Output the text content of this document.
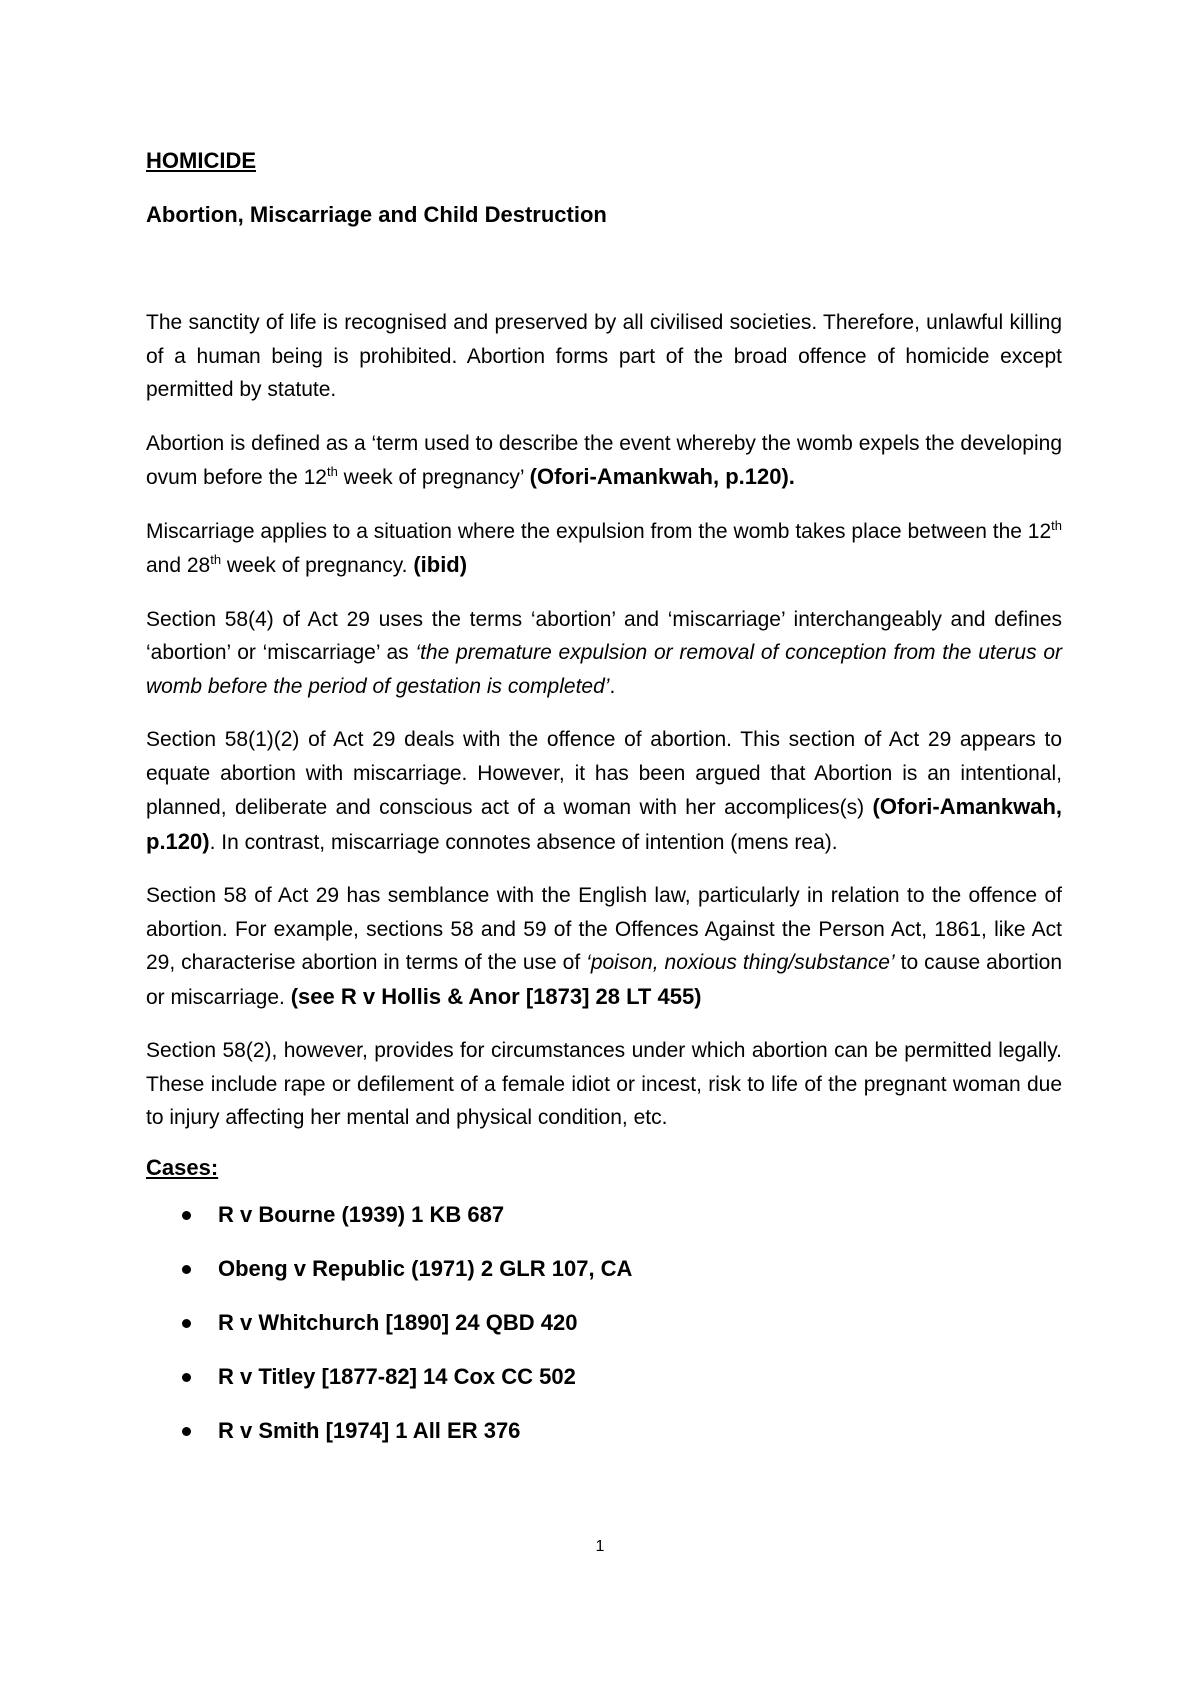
HOMICIDE

Abortion, Miscarriage and Child Destruction

The sanctity of life is recognised and preserved by all civilised societies. Therefore, unlawful killing of a human being is prohibited. Abortion forms part of the broad offence of homicide except permitted by statute.

Abortion is defined as a ‘term used to describe the event whereby the womb expels the developing ovum before the 12th week of pregnancy’ (Ofori-Amankwah, p.120).

Miscarriage applies to a situation where the expulsion from the womb takes place between the 12th and 28th week of pregnancy. (ibid)

Section 58(4) of Act 29 uses the terms ‘abortion’ and ‘miscarriage’ interchangeably and defines ‘abortion’ or ‘miscarriage’ as ‘the premature expulsion or removal of conception from the uterus or womb before the period of gestation is completed’.

Section 58(1)(2) of Act 29 deals with the offence of abortion. This section of Act 29 appears to equate abortion with miscarriage. However, it has been argued that Abortion is an intentional, planned, deliberate and conscious act of a woman with her accomplices(s) (Ofori-Amankwah, p.120). In contrast, miscarriage connotes absence of intention (mens rea).

Section 58 of Act 29 has semblance with the English law, particularly in relation to the offence of abortion. For example, sections 58 and 59 of the Offences Against the Person Act, 1861, like Act 29, characterise abortion in terms of the use of ‘poison, noxious thing/substance’ to cause abortion or miscarriage. (see R v Hollis & Anor [1873] 28 LT 455)

Section 58(2), however, provides for circumstances under which abortion can be permitted legally. These include rape or defilement of a female idiot or incest, risk to life of the pregnant woman due to injury affecting her mental and physical condition, etc.

Cases:

R v Bourne (1939) 1 KB 687
Obeng v Republic (1971) 2 GLR 107, CA
R v Whitchurch [1890] 24 QBD 420
R v Titley [1877-82] 14 Cox CC 502
R v Smith [1974] 1 All ER 376
1
